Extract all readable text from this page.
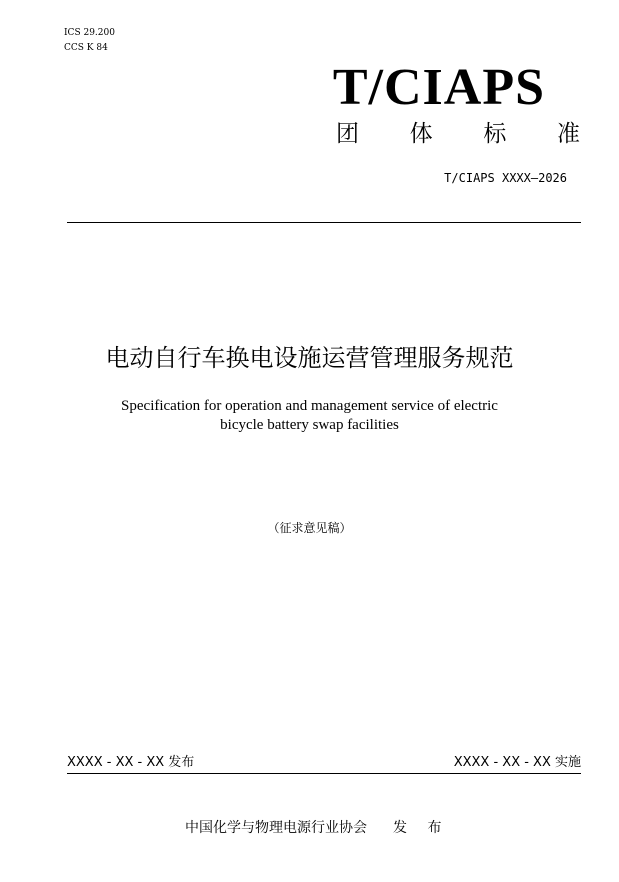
ICS 29.200
CCS K 84
T/CIAPS
团 体 标 准
T/CIAPS XXXX—2026
电动自行车换电设施运营管理服务规范
Specification for operation and management service of electric bicycle battery swap facilities
（征求意见稿）
XXXX - XX - XX 发布	XXXX - XX - XX 实施
中国化学与物理电源行业协会 发 布
